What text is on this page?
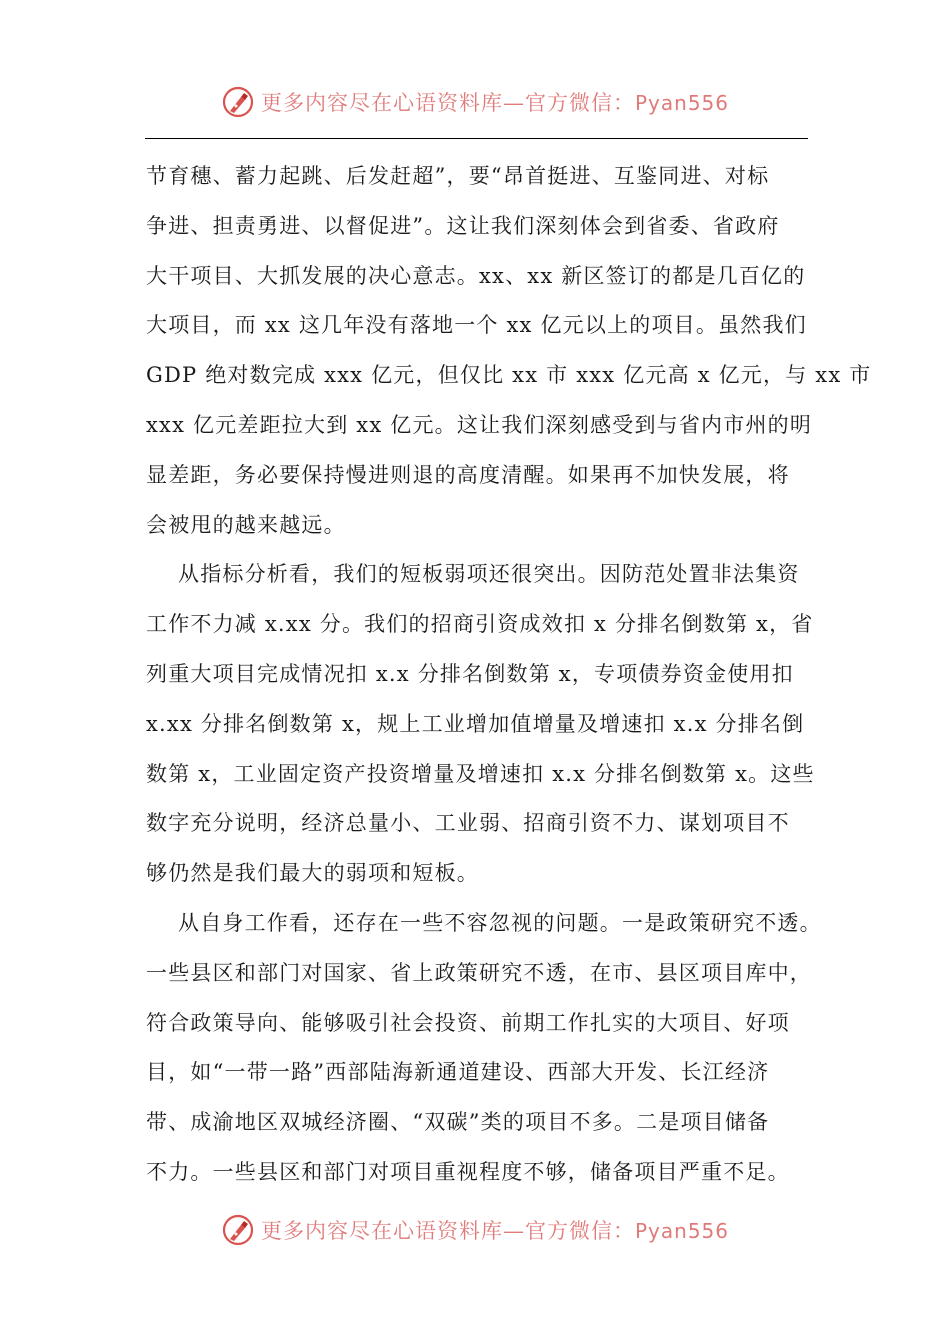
更多内容尽在心语资料库—官方微信：Pyan556
节育穗、蓄力起跳、后发赶超”，要“昂首挺进、互鉴同进、对标
争进、担责勇进、以督促进”。这让我们深刻体会到省委、省政府
大干项目、大抓发展的决心意志。xx、xx 新区签订的都是几百亿的
大项目，而 xx 这几年没有落地一个 xx 亿元以上的项目。虽然我们
GDP 绝对数完成 xxx 亿元，但仅比 xx 市 xxx 亿元高 x 亿元，与 xx 市
xxx 亿元差距拉大到 xx 亿元。这让我们深刻感受到与省内市州的明
显差距，务必要保持慢进则退的高度清醒。如果再不加快发展，将
会被甩的越来越远。
从指标分析看，我们的短板弱项还很突出。因防范处置非法集资
工作不力减 x.xx 分。我们的招商引资成效扣 x 分排名倒数第 x，省
列重大项目完成情况扣 x.x 分排名倒数第 x，专项债券资金使用扣
x.xx 分排名倒数第 x，规上工业增加值增量及增速扣 x.x 分排名倒
数第 x，工业固定资产投资增量及增速扣 x.x 分排名倒数第 x。这些
数字充分说明，经济总量小、工业弱、招商引资不力、谋划项目不
够仍然是我们最大的弱项和短板。
从自身工作看，还存在一些不容忽视的问题。一是政策研究不透。
一些县区和部门对国家、省上政策研究不透，在市、县区项目库中，
符合政策导向、能够吸引社会投资、前期工作扎实的大项目、好项
目，如“一带一路”西部陆海新通道建设、西部大开发、长江经济
带、成渝地区双城经济圈、“双碳”类的项目不多。二是项目储备
不力。一些县区和部门对项目重视程度不够，储备项目严重不足。
更多内容尽在心语资料库—官方微信：Pyan556
